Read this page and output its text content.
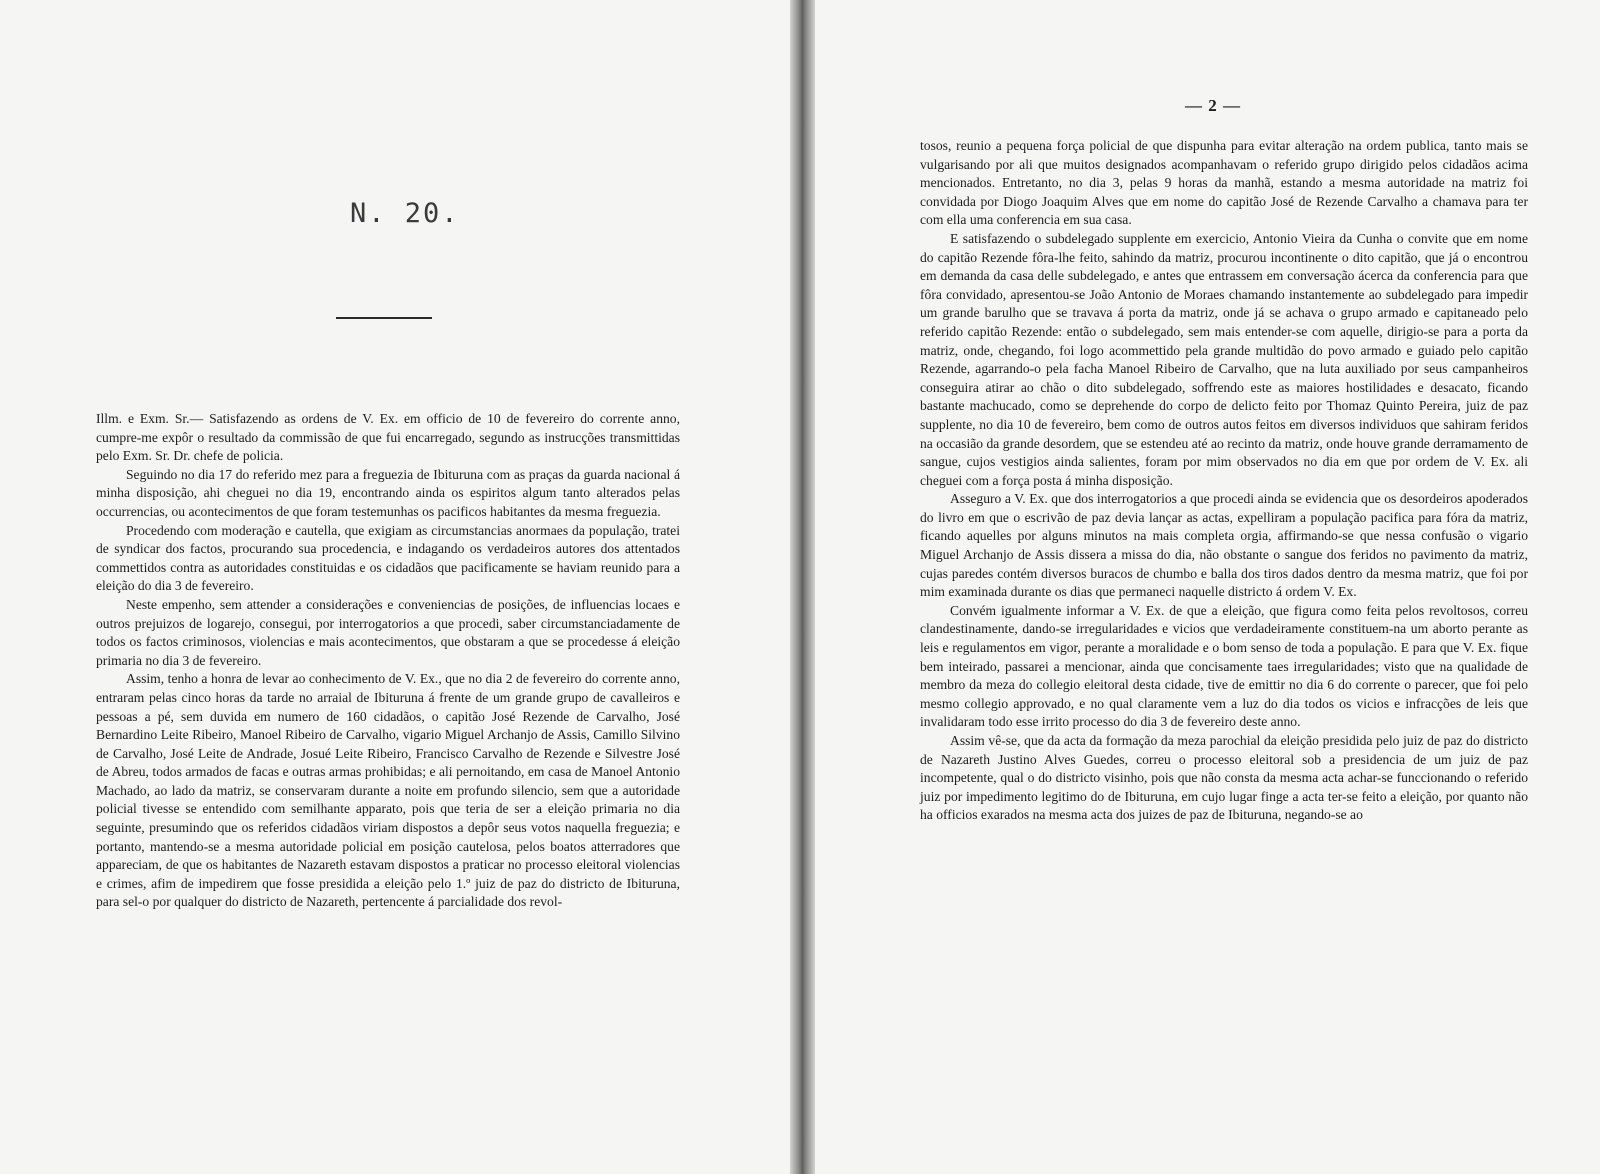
N. 20.

Illm. e Exm. Sr.— Satisfazendo as ordens de V. Ex. em officio de 10 de fevereiro do corrente anno, cumpre-me expôr o resultado da commissão de que fui encarregado, segundo as instrucções transmittidas pelo Exm. Sr. Dr. chefe de policia.

Seguindo no dia 17 do referido mez para a freguezia de Ibituruna com as praças da guarda nacional á minha disposição, ahi cheguei no dia 19, encontrando ainda os espiritos algum tanto alterados pelas occurrencias, ou acontecimentos de que foram testemunhas os pacificos habitantes da mesma freguezia.

Procedendo com moderação e cautella, que exigiam as circumstancias anormaes da população, tratei de syndicar dos factos, procurando sua procedencia, e indagando os verdadeiros autores dos attentados commettidos contra as autoridades constituidas e os cidadãos que pacificamente se haviam reunido para a eleição do dia 3 de fevereiro.

Neste empenho, sem attender a considerações e conveniencias de posições, de influencias locaes e outros prejuizos de logarejo, consegui, por interrogatorios a que procedi, saber circumstanciadamente de todos os factos criminosos, violencias e mais acontecimentos, que obstaram a que se procedesse á eleição primaria no dia 3 de fevereiro.

Assim, tenho a honra de levar ao conhecimento de V. Ex., que no dia 2 de fevereiro do corrente anno, entraram pelas cinco horas da tarde no arraial de Ibituruna á frente de um grande grupo de cavalleiros e pessoas a pé, sem duvida em numero de 160 cidadãos, o capitão José Rezende de Carvalho, José Bernardino Leite Ribeiro, Manoel Ribeiro de Carvalho, vigario Miguel Archanjo de Assis, Camillo Silvino de Carvalho, José Leite de Andrade, Josué Leite Ribeiro, Francisco Carvalho de Rezende e Silvestre José de Abreu, todos armados de facas e outras armas prohibidas; e ali pernoitando, em casa de Manoel Antonio Machado, ao lado da matriz, se conservaram durante a noite em profundo silencio, sem que a autoridade policial tivesse se entendido com semilhante apparato, pois que teria de ser a eleição primaria no dia seguinte, presumindo que os referidos cidadãos viriam dispostos a depôr seus votos naquella freguezia; e portanto, mantendo-se a mesma autoridade policial em posição cautelosa, pelos boatos atterradores que appareciam, de que os habitantes de Nazareth estavam dispostos a praticar no processo eleitoral violencias e crimes, afim de impedirem que fosse presidida a eleição pelo 1.º juiz de paz do districto de Ibituruna, para sel-o por qualquer do districto de Nazareth, pertencente á parcialidade dos revol-

— 2 —

tosos, reunio a pequena força policial de que dispunha para evitar alteração na ordem publica, tanto mais se vulgarisando por ali que muitos designados acompanhavam o referido grupo dirigido pelos cidadãos acima mencionados. Entretanto, no dia 3, pelas 9 horas da manhã, estando a mesma autoridade na matriz foi convidada por Diogo Joaquim Alves que em nome do capitão José de Rezende Carvalho a chamava para ter com ella uma conferencia em sua casa.

E satisfazendo o subdelegado supplente em exercicio, Antonio Vieira da Cunha o convite que em nome do capitão Rezende fôra-lhe feito, sahindo da matriz, procurou incontinente o dito capitão, que já o encontrou em demanda da casa delle subdelegado, e antes que entrassem em conversação ácerca da conferencia para que fôra convidado, apresentou-se João Antonio de Moraes chamando instantemente ao subdelegado para impedir um grande barulho que se travava á porta da matriz, onde já se achava o grupo armado e capitaneado pelo referido capitão Rezende: então o subdelegado, sem mais entender-se com aquelle, dirigio-se para a porta da matriz, onde, chegando, foi logo acommettido pela grande multidão do povo armado e guiado pelo capitão Rezende, agarrando-o pela facha Manoel Ribeiro de Carvalho, que na luta auxiliado por seus campanheiros conseguira atirar ao chão o dito subdelegado, soffrendo este as maiores hostilidades e desacato, ficando bastante machucado, como se deprehende do corpo de delicto feito por Thomaz Quinto Pereira, juiz de paz supplente, no dia 10 de fevereiro, bem como de outros autos feitos em diversos individuos que sahiram feridos na occasião da grande desordem, que se estendeu até ao recinto da matriz, onde houve grande derramamento de sangue, cujos vestigios ainda salientes, foram por mim observados no dia em que por ordem de V. Ex. ali cheguei com a força posta á minha disposição.

Asseguro a V. Ex. que dos interrogatorios a que procedi ainda se evidencia que os desordeiros apoderados do livro em que o escrivão de paz devia lançar as actas, expelliram a população pacifica para fóra da matriz, ficando aquelles por alguns minutos na mais completa orgia, affirmando-se que nessa confusão o vigario Miguel Archanjo de Assis dissera a missa do dia, não obstante o sangue dos feridos no pavimento da matriz, cujas paredes contém diversos buracos de chumbo e balla dos tiros dados dentro da mesma matriz, que foi por mim examinada durante os dias que permaneci naquelle districto á ordem V. Ex.

Convém igualmente informar a V. Ex. de que a eleição, que figura como feita pelos revoltosos, correu clandestinamente, dando-se irregularidades e vicios que verdadeiramente constituem-na um aborto perante as leis e regulamentos em vigor, perante a moralidade e o bom senso de toda a população. E para que V. Ex. fique bem inteirado, passarei a mencionar, ainda que concisamente taes irregularidades; visto que na qualidade de membro da meza do collegio eleitoral desta cidade, tive de emittir no dia 6 do corrente o parecer, que foi pelo mesmo collegio approvado, e no qual claramente vem a luz do dia todos os vicios e infracções de leis que invalidaram todo esse irrito processo do dia 3 de fevereiro deste anno.

Assim vê-se, que da acta da formação da meza parochial da eleição presidida pelo juiz de paz do districto de Nazareth Justino Alves Guedes, correu o processo eleitoral sob a presidencia de um juiz de paz incompetente, qual o do districto visinho, pois que não consta da mesma acta achar-se funccionando o referido juiz por impedimento legitimo do de Ibituruna, em cujo lugar finge a acta ter-se feito a eleição, por quanto não ha officios exarados na mesma acta dos juizes de paz de Ibituruna, negando-se ao
